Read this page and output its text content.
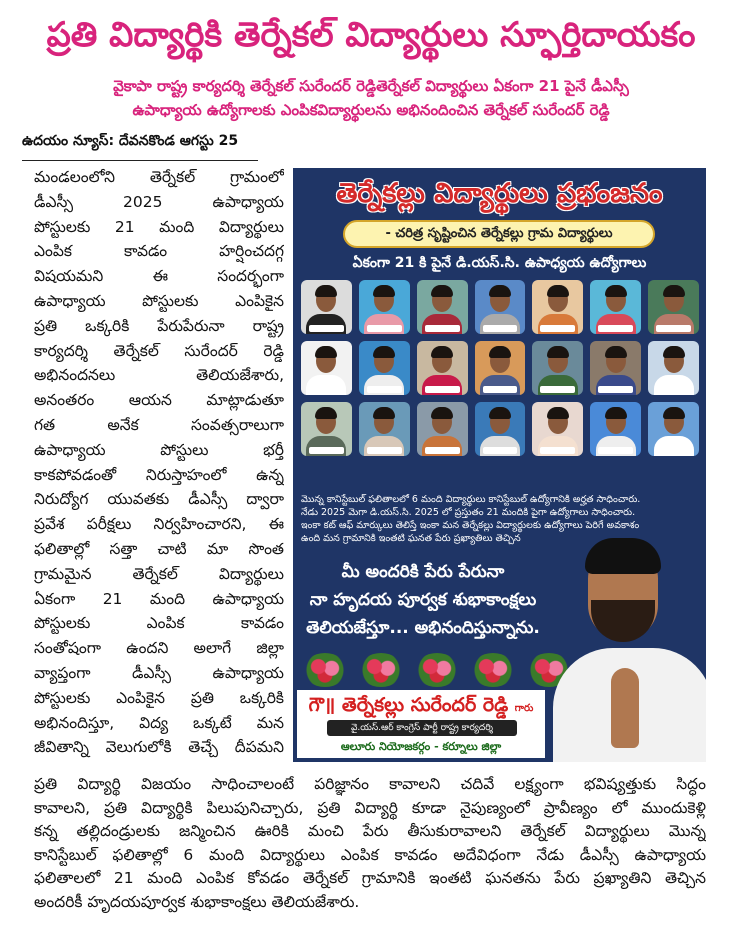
ప్రతి విద్యార్థికి తెర్నేకల్ విద్యార్థులు స్ఫూర్తిదాయకం
వైకాపా రాష్ట్ర కార్యదర్శి తెర్నేకల్ సురేందర్ రెడ్డితెర్నేకల్ విద్యార్థులు ఏకంగా 21 పైనే డీఎస్సీ
ఉపాధ్యాయ ఉద్యోగాలకు ఎంపికవిద్యార్థులను అభినందించిన తెర్నేకల్ సురేందర్ రెడ్డి
ఉదయం న్యూస్: దేవనకొండ ఆగస్టు 25
మండలంలోని తెర్నేకల్ గ్రామంలో
డీఎస్సీ 2025 ఉపాధ్యాయ
పోస్టులకు 21 మంది విద్యార్థులు
ఎంపిక కావడం హర్షించదగ్గ
విషయమని ఈ సందర్భంగా
ఉపాధ్యాయ పోస్టులకు ఎంపికైన
ప్రతి ఒక్కరికి పేరుపేరునా రాష్ట్ర
కార్యదర్శి తెర్నేకల్ సురేందర్ రెడ్డి
అభినందనలు తెలియజేశారు,
అనంతరం ఆయన మాట్లాడుతూ
గత అనేక సంవత్సరాలుగా
ఉపాధ్యాయ పోస్టులు భర్తీ
కాకపోవడంతో నిరుస్తాహంలో ఉన్న
నిరుద్యోగ యువతకు డీఎస్సీ ద్వారా
ప్రవేశ పరీక్షలు నిర్వహించారని, ఈ
ఫలితాల్లో సత్తా చాటి మా సొంత
గ్రామమైన తెర్నేకల్ విద్యార్థులు
ఏకంగా 21 మంది ఉపాధ్యాయ
పోస్టులకు ఎంపిక కావడం
సంతోషంగా ఉందని అలాగే జిల్లా
వ్యాప్తంగా డీఎస్సీ ఉపాధ్యాయ
పోస్టులకు ఎంపికైన ప్రతి ఒక్కరికి
అభినందిస్తూ, విద్య ఒక్కటే మన
జీవితాన్ని వెలుగులోకి తెచ్చే దీపమని
తెర్నేకల్లు విద్యార్థులు ప్రభంజనం
- చరిత్ర సృష్టించిన తెర్నేకల్లు గ్రామ విద్యార్థులు
ఏకంగా 21 కి పైనే డి.యస్.సి. ఉపాధ్యయ ఉద్యోగాలు
మొన్న కానిస్టేబుల్ ఫలితాలలో 6 మంది విద్యార్థులు కానిస్టేబుల్ ఉద్యోగానికి అర్హత సాధించారు.
నేడు 2025 మెగా డి.యస్.సి. 2025 లో ప్రస్తుతం 21 మందికి పైగా ఉద్యోగాలు సాధించారు.
ఇంకా కట్ ఆఫ్ మార్కులు తెలిస్తే ఇంకా మన తెర్నేకల్లు విద్యార్థులకు ఉద్యోగాలు పెరిగే అవకాశం
ఉంది మన గ్రామానికి ఇంతటి ఘనత పేరు ప్రఖ్యాతిలు తెచ్చిన
మీ అందరికి పేరు పేరునా
నా హృదయ పూర్వక శుభాకాంక్షలు
తెలియజేస్తూ... అభినందిస్తున్నాను.
గౌ॥ తెర్నేకల్లు సురేందర్ రెడ్డి గారు
వై.యస్.ఆర్ కాంగ్రెస్ పార్టీ రాష్ట్ర కార్యదర్శి
ఆలూరు నియోజకర్గం - కర్నూలు జిల్లా
ప్రతి విద్యార్థి విజయం సాధించాలంటే పరిజ్ఞానం కావాలని చదివే లక్ష్యంగా భవిష్యత్తుకు సిద్ధం
కావాలని, ప్రతి విద్యార్థికి పిలుపునిచ్చారు, ప్రతి విద్యార్థి కూడా నైపుణ్యంలో ప్రావీణ్యం లో ముందుకెళ్లి
కన్న తల్లిదండ్రులకు జన్మించిన ఊరికి మంచి పేరు తీసుకురావాలని తెర్నేకల్ విద్యార్థులు మొన్న
కానిస్టేబుల్ ఫలితాల్లో 6 మంది విద్యార్థులు ఎంపిక కావడం అదేవిధంగా నేడు డీఎస్సీ ఉపాధ్యాయ
ఫలితాలలో 21 మంది ఎంపిక కోవడం తెర్నేకల్ గ్రామానికి ఇంతటి ఘనతను పేరు ప్రఖ్యాతిని తెచ్చిన
అందరికీ హృదయపూర్వక శుభాకాంక్షలు తెలియజేశారు.
